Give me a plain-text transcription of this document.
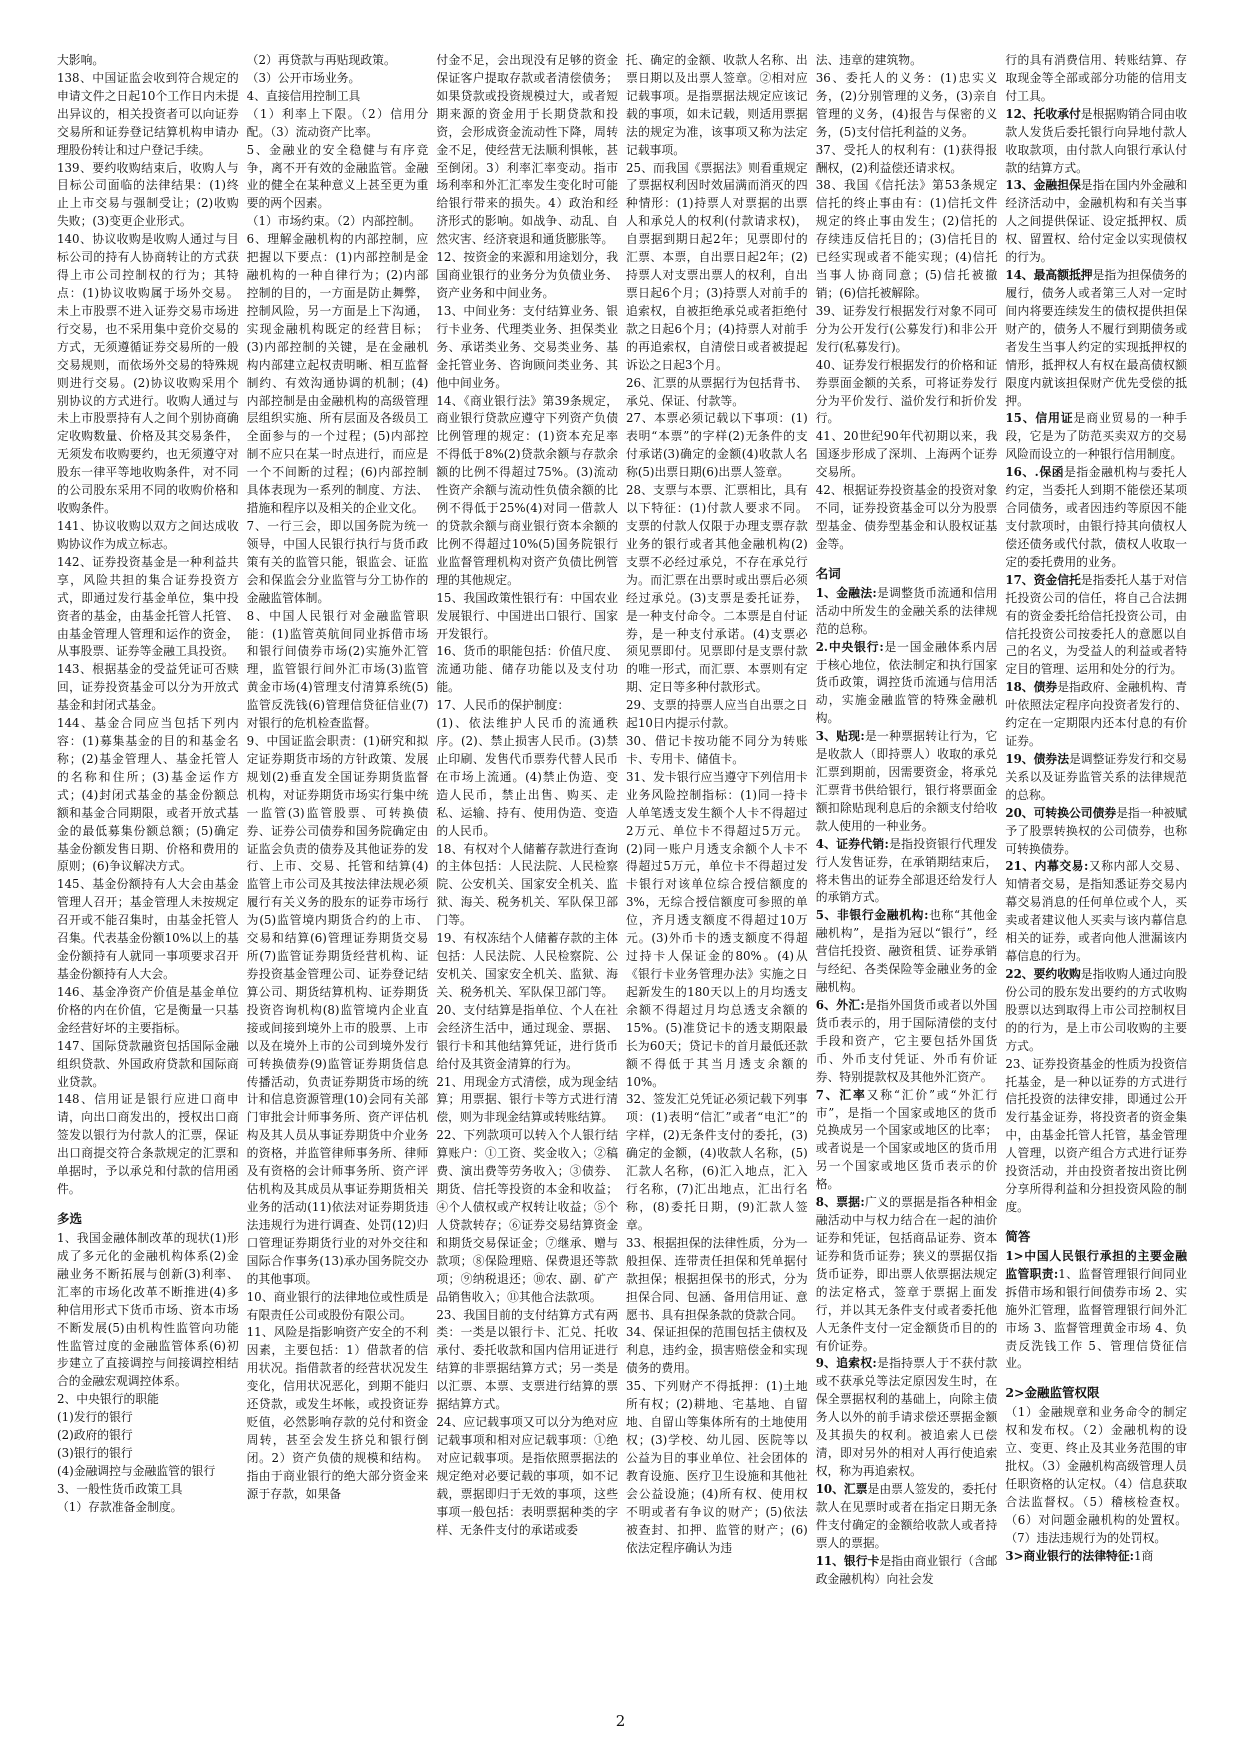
大影响。

138、中国证监会收到符合规定的申请文件之日起10个工作日内未提出异议的，相关投资者可以向证券交易所和证券登记结算机构申请办理股份转让和过户登记手续。

139、要约收购结束后，收购人与目标公司面临的法律结果：(1)终止上市交易与强制受让；(2)收购失败；(3)变更企业形式。

140、协议收购是收购人通过与目标公司的持有人协商转让的方式获得上市公司控制权的行为；其特点：(1)协议收购属于场外交易。未上市股票不进入证券交易市场进行交易，也不采用集中竞价交易的方式，无须遵循证券交易所的一般交易规则，而依场外交易的特殊规则进行交易。(2)协议收购采用个别协议的方式进行。收购人通过与未上市股票持有人之间个别协商确定收购数量、价格及其交易条件，无须发布收购要约，也无须遵守对股东一律平等地收购条件，对不同的公司股东采用不同的收购价格和收购条件。

141、协议收购以双方之间达成收购协议作为成立标志。

142、证券投资基金是一种利益共享，风险共担的集合证券投资方式，即通过发行基金单位，集中投资者的基金，由基金托管人托管、由基金管理人管理和运作的资金，从事股票、证券等金融工具投资。

143、根据基金的受益凭证可否赎回，证券投资基金可以分为开放式基金和封闭式基金。

144、基金合同应当包括下列内容：(1)募集基金的目的和基金名称；(2)基金管理人、基金托管人的名称和住所；(3)基金运作方式；(4)封闭式基金的基金份额总额和基金合同期限，或者开放式基金的最低募集份额总额；(5)确定基金份额发售日期、价格和费用的原则；(6)争议解决方式。

145、基金份额持有人大会由基金管理人召开；基金管理人未按规定召开或不能召集时，由基金托管人召集。代表基金份额10%以上的基金份额持有人就同一事项要求召开基金份额持有人大会。

146、基金净资产价值是基金单位价格的内在价值，它是衡量一只基金经营好坏的主要指标。

147、国际贷款融资包括国际金融组织贷款、外国政府贷款和国际商业贷款。

148、信用证是银行应进口商申请，向出口商发出的，授权出口商签发以银行为付款人的汇票，保证出口商提交符合条款规定的汇票和单据时，予以承兑和付款的信用函件。

多选

1、我国金融体制改革的现状(1)形成了多元化的金融机构体系(2)金融业务不断拓展与创新(3)利率、汇率的市场化改革不断推进(4)多种信用形式下货币市场、资本市场不断发展(5)由机构性监管向功能性监管过度的金融监管体系(6)初步建立了直接调控与间接调控相结合的金融宏观调控体系。

2、中央银行的职能

(1)发行的银行

(2)政府的银行

(3)银行的银行

(4)金融调控与金融监管的银行

3、一般性货币政策工具

（1）存款准备金制度。

（2）再贷款与再贴现政策。

（3）公开市场业务。

4、直接信用控制工具

（1）利率上下限。（2）信用分配。（3）流动资产比率。

5、金融业的安全稳健与有序竞争，离不开有效的金融监管。金融业的健全在某种意义上甚至更为重要的两个因素。

（1）市场约束。（2）内部控制。

6、理解金融机构的内部控制，应把握以下要点：(1)内部控制是金融机构的一种自律行为；(2)内部控制的目的，一方面是防止舞弊，控制风险，另一方面是上下沟通，实现金融机构既定的经营目标；(3)内部控制的关键，是在金融机构内部建立起权责明晰、相互监督制约、有效沟通协调的机制；(4)内部控制是由金融机构的高级管理层组织实施、所有层面及各级员工全面参与的一个过程；(5)内部控制不应只在某一时点进行，而应是一个不间断的过程；(6)内部控制具体表现为一系列的制度、方法、措施和程序以及相关的企业文化。

7、一行三会，即以国务院为统一领导，中国人民银行执行与货币政策有关的监管只能，银监会、证监会和保监会分业监管与分工协作的金融监管体制。

8、中国人民银行对金融监管职能：(1)监管英航间同业拆借市场和银行间债券市场(2)实施外汇管理，监管银行间外汇市场(3)监管黄金市场(4)管理支付清算系统(5)监管反洗钱(6)管理信贷征信业(7)对银行的危机检查监督。

9、中国证监会职责：(1)研究和拟定证券期货市场的方针政策、发展规划(2)垂直发全国证券期货监督机构，对证券期货市场实行集中统一监管(3)监管股票、可转换债券、证券公司债券和国务院确定由证监会负责的债券及其他证券的发行、上市、交易、托管和结算(4)监管上市公司及其按法律法规必须履行有关义务的股东的证券市场行为(5)监管境内期货合约的上市、交易和结算(6)管理证券期货交易所(7)监管证券期货经营机构、证券投资基金管理公司、证券登记结算公司、期货结算机构、证券期货投资咨询机构(8)监管境内企业直接或间接到境外上市的股票、上市以及在境外上市的公司到境外发行可转换债券(9)监管证券期货信息传播活动，负责证券期货市场的统计和信息资源管理(10)会同有关部门审批会计师事务所、资产评估机构及其人员从事证券期货中介业务的资格，并监管律师事务所、律师及有资格的会计师事务所、资产评估机构及其成员从事证券期货相关业务的活动(11)依法对证券期货违法违规行为进行调查、处罚(12)归口管理证券期货行业的对外交往和国际合作事务(13)承办国务院交办的其他事项。

10、商业银行的法律地位或性质是有限责任公司或股份有限公司。

11、风险是指影响资产安全的不利因素，主要包括：1）借款者的信用状况。指借款者的经营状况发生变化，信用状况恶化，到期不能归还贷款，或发生坏帐，或投资证券贬值，必然影响存款的兑付和资金周转，甚至会发生挤兑和银行倒闭。2）资产负债的规模和结构。指由于商业银行的绝大部分资金来源于存款，如果备

付金不足，会出现没有足够的资金保证客户提取存款或者清偿债务；如果贷款或投资规模过大，或者短期来源的资金用于长期贷款和投资，会形成资金流动性下降，周转金不足，使经营无法顺利惧帐，甚至倒闭。3）利率汇率变动。指市场利率和外汇汇率发生变化时可能给银行带来的损失。4）政治和经济形式的影响。如战争、动乱、自然灾害、经济衰退和通货膨胀等。

12、按资金的来源和用途划分，我国商业银行的业务分为负债业务、资产业务和中间业务。

13、中间业务：支付结算业务、银行卡业务、代理类业务、担保类业务、承诺类业务、交易类业务、基金托管业务、咨询顾问类业务、其他中间业务。

14、《商业银行法》第39条规定，商业银行贷款应遵守下列资产负债比例管理的规定：(1)资本充足率不得低于8%(2)贷款余额与存款余额的比例不得超过75%。(3)流动性资产余额与流动性负债余额的比例不得低于25%(4)对同一借款人的贷款余额与商业银行资本余额的比例不得超过10%(5)国务院银行业监督管理机构对资产负债比例管理的其他规定。

15、我国政策性银行有：中国农业发展银行、中国进出口银行、国家开发银行。

16、货币的职能包括：价值尺度、流通功能、储存功能以及支付功能。

17、人民币的保护制度：

(1)、依法维护人民币的流通秩序。(2)、禁止损害人民币。(3)禁止印刷、发售代币票券代替人民币在市场上流通。(4)禁止伪造、变造人民币，禁止出售、购买、走私、运输、持有、使用伪造、变造的人民币。

18、有权对个人储蓄存款进行查询的主体包括：人民法院、人民检察院、公安机关、国家安全机关、监狱、海关、税务机关、军队保卫部门等。

19、有权冻结个人储蓄存款的主体包括：人民法院、人民检察院、公安机关、国家安全机关、监狱、海关、税务机关、军队保卫部门等。

20、支付结算是指单位、个人在社会经济生活中，通过现金、票据、银行卡和其他结算凭证，进行货币给付及其资金清算的行为。

21、用现金方式清偿，成为现金结算；用票据、银行卡等方式进行清偿，则为非现金结算或转账结算。

22、下列款项可以转入个人银行结算账户：①工资、奖金收入；②稿费、演出费等劳务收入；③债券、期货、信托等投资的本金和收益；④个人债权或产权转让收益；⑤个人贷款转存；⑥证券交易结算资金和期货交易保证金；⑦继承、赠与款项；⑧保险理赔、保费退还等款项；⑨纳税退还；⑩农、副、矿产品销售收入；⑪其他合法款项。

23、我国目前的支付结算方式有两类：一类是以银行卡、汇兑、托收承付、委托收款和国内信用证进行结算的非票据结算方式；另一类是以汇票、本票、支票进行结算的票据结算方式。

24、应记载事项又可以分为绝对应记载事项和相对应记载事项：①绝对应记载事项。是指依照票据法的规定绝对必要记载的事项，如不记载，票据即归于无效的事项，这些事项一般包括：表明票据种类的字样、无条件支付的承诺或委

托、确定的金额、收款人名称、出票日期以及出票人签章。②相对应记载事项。是指票据法规定应该记载的事项，如未记载，则适用票据法的规定为准，该事项又称为法定记载事项。

25、而我国《票据法》则看重规定了票据权利因时效届满而消灭的四种情形：(1)持票人对票据的出票人和承兑人的权利(付款请求权)，自票据到期日起2年；见票即付的汇票、本票，自出票日起2年；(2)持票人对支票出票人的权利，自出票日起6个月；(3)持票人对前手的追索权，自被拒绝承兑或者拒绝付款之日起6个月；(4)持票人对前手的再追索权，自清偿日或者被提起诉讼之日起3个月。

26、汇票的从票据行为包括背书、承兑、保证、付款等。

27、本票必须记载以下事项：(1)表明“本票”的字样(2)无条件的支付承诺(3)确定的金额(4)收款人名称(5)出票日期(6)出票人签章。

28、支票与本票、汇票相比，具有以下特征：(1)付款人要求不同。支票的付款人仅限于办理支票存款业务的银行或者其他金融机构(2)支票不必经过承兑，不存在承兑行为。而汇票在出票时或出票后必须经过承兑。(3)支票是委托证券，是一种支付命令。二本票是自付证券，是一种支付承诺。(4)支票必须见票即付。见票即付是支票付款的唯一形式，而汇票、本票则有定期、定日等多种付款形式。

29、支票的持票人应当自出票之日起10日内提示付款。

30、借记卡按功能不同分为转账卡、专用卡、储值卡。

31、发卡银行应当遵守下列信用卡业务风险控制指标：(1)同一持卡人单笔透支发生额个人卡不得超过2万元、单位卡不得超过5万元。(2)同一账户月透支余额个人卡不得超过5万元，单位卡不得超过发卡银行对该单位综合授信额度的3%，无综合授信额度可参照的单位，齐月透支额度不得超过10万元。(3)外币卡的透支额度不得超过持卡人保证金的80%。(4)从《银行卡业务管理办法》实施之日起新发生的180天以上的月均透支余额不得超过月均总透支余额的15%。(5)准贷记卡的透支期限最长为60天；贷记卡的首月最低还款额不得低于其当月透支余额的10%。

32、签发汇兑凭证必须记载下列事项：(1)表明“信汇”或者“电汇”的字样，(2)无条件支付的委托，(3)确定的金额，(4)收款人名称，(5)汇款人名称，(6)汇入地点，汇入行名称，(7)汇出地点，汇出行名称，(8)委托日期，(9)汇款人签章。

33、根据担保的法律性质，分为一般担保、连带责任担保和凭单据付款担保；根据担保书的形式，分为担保合同、包涵、备用信用证、意愿书、具有担保条款的贷款合同。

34、保证担保的范围包括主债权及利息，违约金，损害赔偿金和实现债务的费用。

35、下列财产不得抵押：(1)土地所有权；(2)耕地、宅基地、自留地、自留山等集体所有的土地使用权；(3)学校、幼儿园、医院等以公益为目的事业单位、社会团体的教育设施、医疗卫生设施和其他社会公益设施；(4)所有权、使用权不明或者有争议的财产；(5)依法被查封、扣押、监管的财产；(6)依法定程序确认为违

法、违章的建筑物。

36、委托人的义务：(1)忠实义务，(2)分别管理的义务，(3)亲自管理的义务，(4)报告与保密的义务，(5)支付信托利益的义务。

37、受托人的权利有：(1)获得报酬权，(2)利益偿还请求权。

38、我国《信托法》第53条规定信托的终止事由有：(1)信托文件规定的终止事由发生；(2)信托的存续违反信托目的；(3)信托目的已经实现或者不能实现；(4)信托当事人协商同意；(5)信托被撤销；(6)信托被解除。

39、证券发行根据发行对象不同可分为公开发行(公募发行)和非公开发行(私募发行)。

40、证券发行根据发行的价格和证券票面金额的关系，可将证券发行分为平价发行、溢价发行和折价发行。

41、20世纪90年代初期以来，我国逐步形成了深圳、上海两个证券交易所。

42、根据证券投资基金的投资对象不同，证券投资基金可以分为股票型基金、债券型基金和认股权证基金等。

名词

1、金融法:是调整货币流通和信用活动中所发生的金融关系的法律规范的总称。

2.中央银行:是一国金融体系内居于核心地位，依法制定和执行国家货币政策，调控货币流通与信用活动，实施金融监管的特殊金融机构。

3、贴现:是一种票据转让行为，它是收款人（即持票人）收取的承兑汇票到期前，因需要资金，将承兑汇票背书供给银行，银行将票面金额扣除贴现利息后的余额支付给收款人使用的一种业务。

4、证券代销:是指投资银行代理发行人发售证券，在承销期结束后，将未售出的证券全部退还给发行人的承销方式。

5、非银行金融机构:也称“其他金融机构”，是指为冠以“银行”，经营信托投资、融资租赁、证券承销与经纪、各类保险等金融业务的金融机构。

6、外汇:是指外国货币或者以外国货币表示的，用于国际清偿的支付手段和资产，它主要包括外国货币、外币支付凭证、外币有价证券、特别提款权及其他外汇资产。

7、汇率又称“汇价”或“外汇行市”，是指一个国家或地区的货币兑换成另一个国家或地区的比率；或者说是一个国家或地区的货币用另一个国家或地区货币表示的价格。

8、票据:广义的票据是指各种相金融活动中与权力结合在一起的油价证券和凭证，包括商品证券、资本证券和货币证券；狭义的票据仅指货币证券，即出票人依票据法规定的法定格式，签章于票据上面发行，并以其无条件支付或者委托他人无条件支付一定金额货币目的的有价证券。

9、追索权:是指持票人于不获付款或不获承兑等法定原因发生时，在保全票据权利的基础上，向除主债务人以外的前手请求偿还票据金额及其损失的权利。被追索人已偿清，即对另外的相对人再行使追索权，称为再追索权。

10、汇票是由票人签发的，委托付款人在见票时或者在指定日期无条件支付确定的金额给收款人或者持票人的票据。

11、银行卡是指由商业银行（含邮政金融机构）向社会发

行的具有消费信用、转账结算、存取现金等全部或部分功能的信用支付工具。

12、托收承付是根据购销合同由收款人发货后委托银行向异地付款人收取款项，由付款人向银行承认付款的结算方式。

13、金融担保是指在国内外金融和经济活动中，金融机构和有关当事人之间提供保证、设定抵押权、质权、留置权、给付定金以实现债权的行为。

14、最高额抵押是指为担保债务的履行，债务人或者第三人对一定时间内将要连续发生的债权提供担保财产的，债务人不履行到期债务或者发生当事人约定的实现抵押权的情形，抵押权人有权在最高债权额限度内就该担保财产优先受偿的抵押。

15、信用证是商业贸易的一种手段，它是为了防范买卖双方的交易风险而设立的一种银行信用制度。

16、.保函是指金融机构与委托人约定，当委托人到期不能偿还某项合同债务，或者因违约等原因不能支付款项时，由银行持其向债权人偿还债务或代付款，债权人收取一定的委托费用的业务。

17、资金信托是指委托人基于对信托投资公司的信任，将自己合法拥有的资金委托给信托投资公司，由信托投资公司按委托人的意愿以自己的名义，为受益人的利益或者特定目的管理、运用和处分的行为。

18、债券是指政府、金融机构、青叶依照法定程序向投资者发行的、约定在一定期限内还本付息的有价证券。

19、债券法是调整证券发行和交易关系以及证券监管关系的法律规范的总称。

20、可转换公司债券是指一种被赋予了股票转换权的公司债券，也称可转换债券。

21、内幕交易:又称内部人交易、知情者交易，是指知悉证券交易内幕交易消息的任何单位或个人，买卖或者建议他人买卖与该内幕信息相关的证券，或者向他人泄漏该内幕信息的行为。

22、要约收购是指收购人通过向股份公司的股东发出要约的方式收购股票以达到取得上市公司控制权目的的行为，是上市公司收购的主要方式。

23、证券投资基金的性质为投资信托基金，是一种以证券的方式进行信托投资的法律安排，即通过公开发行基金证券，将投资者的资金集中，由基金托管人托管，基金管理人管理，以资产组合方式进行证券投资活动，并由投资者按出资比例分享所得利益和分担投资风险的制度。

简答

1>中国人民银行承担的主要金融监管职责:1、监督管理银行间同业拆借市场和银行间债券市场 2、实施外汇管理，监督管理银行间外汇市场 3、监督管理黄金市场 4、负责反洗钱工作 5、管理信贷征信业。

2>金融监管权限

（1）金融规章和业务命令的制定权和发布权。（2）金融机构的设立、变更、终止及其业务范围的审批权。（3）金融机构高级管理人员任职资格的认定权。（4）信息获取合法监督权。（5）稽核检查权。（6）对问题金融机构的处置权。（7）违法违规行为的处罚权。

3>商业银行的法律特征:1商

2
